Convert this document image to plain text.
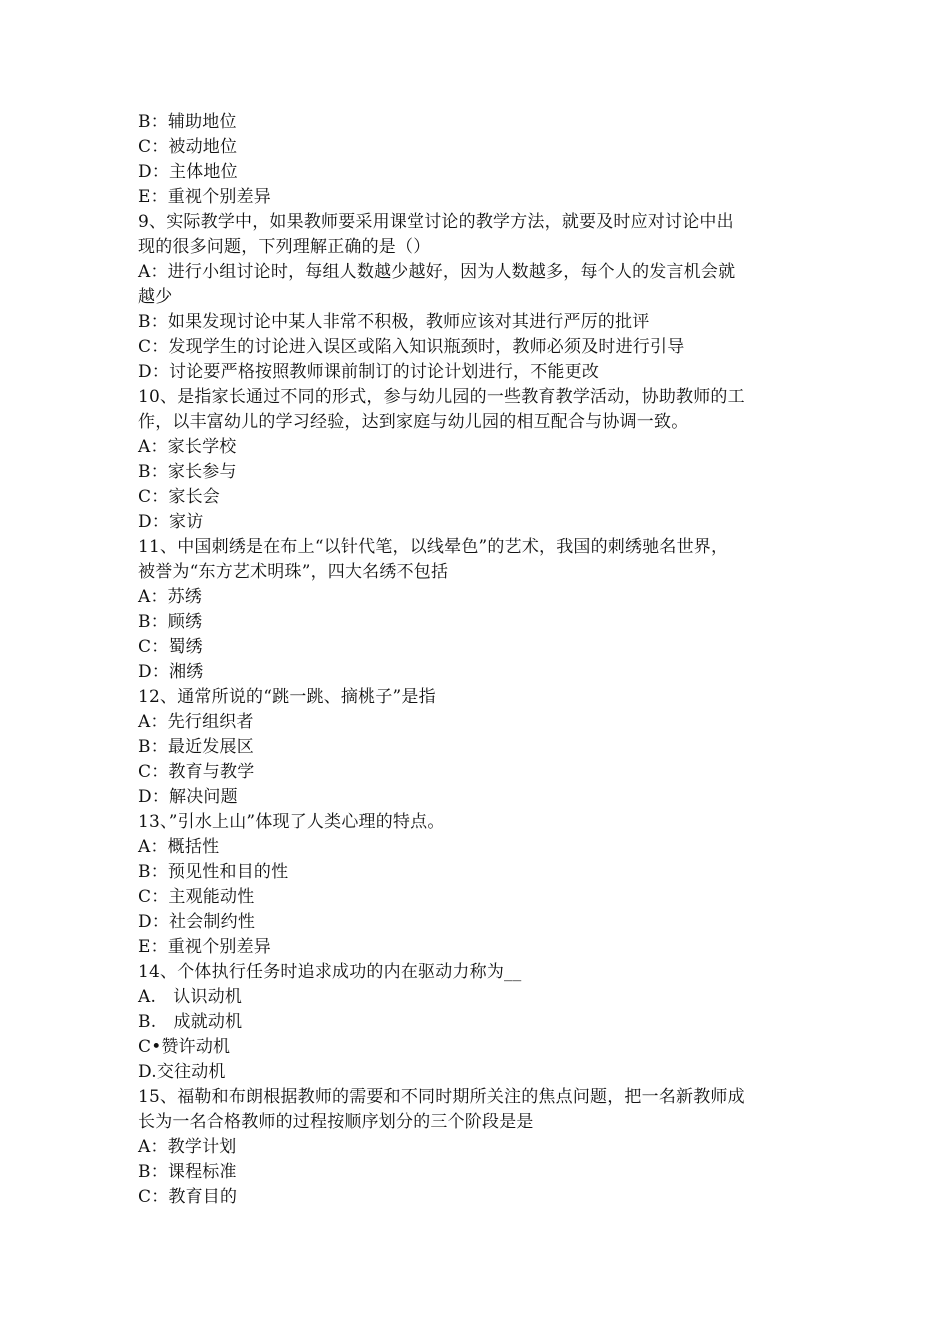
B：辅助地位
C：被动地位
D：主体地位
E：重视个别差异
9、实际教学中，如果教师要采用课堂讨论的教学方法，就要及时应对讨论中出
现的很多问题，下列理解正确的是（）
A：进行小组讨论时，每组人数越少越好，因为人数越多，每个人的发言机会就
越少
B：如果发现讨论中某人非常不积极，教师应该对其进行严厉的批评
C：发现学生的讨论进入误区或陷入知识瓶颈时，教师必须及时进行引导
D：讨论要严格按照教师课前制订的讨论计划进行，不能更改
10、是指家长通过不同的形式，参与幼儿园的一些教育教学活动，协助教师的工
作，以丰富幼儿的学习经验，达到家庭与幼儿园的相互配合与协调一致。
A：家长学校
B：家长参与
C：家长会
D：家访
11、中国刺绣是在布上“以针代笔，以线晕色”的艺术，我国的刺绣驰名世界，
被誉为“东方艺术明珠”，四大名绣不包括
A：苏绣
B：顾绣
C：蜀绣
D：湘绣
12、通常所说的“跳一跳、摘桃子”是指
A：先行组织者
B：最近发展区
C：教育与教学
D：解决问题
13、”引水上山”体现了人类心理的特点。
A：概括性
B：预见性和目的性
C：主观能动性
D：社会制约性
E：重视个别差异
14、个体执行任务时追求成功的内在驱动力称为__
A.　认识动机
B.　成就动机
C•赞许动机
D.交往动机
15、福勒和布朗根据教师的需要和不同时期所关注的焦点问题，把一名新教师成
长为一名合格教师的过程按顺序划分的三个阶段是是
A：教学计划
B：课程标准
C：教育目的
